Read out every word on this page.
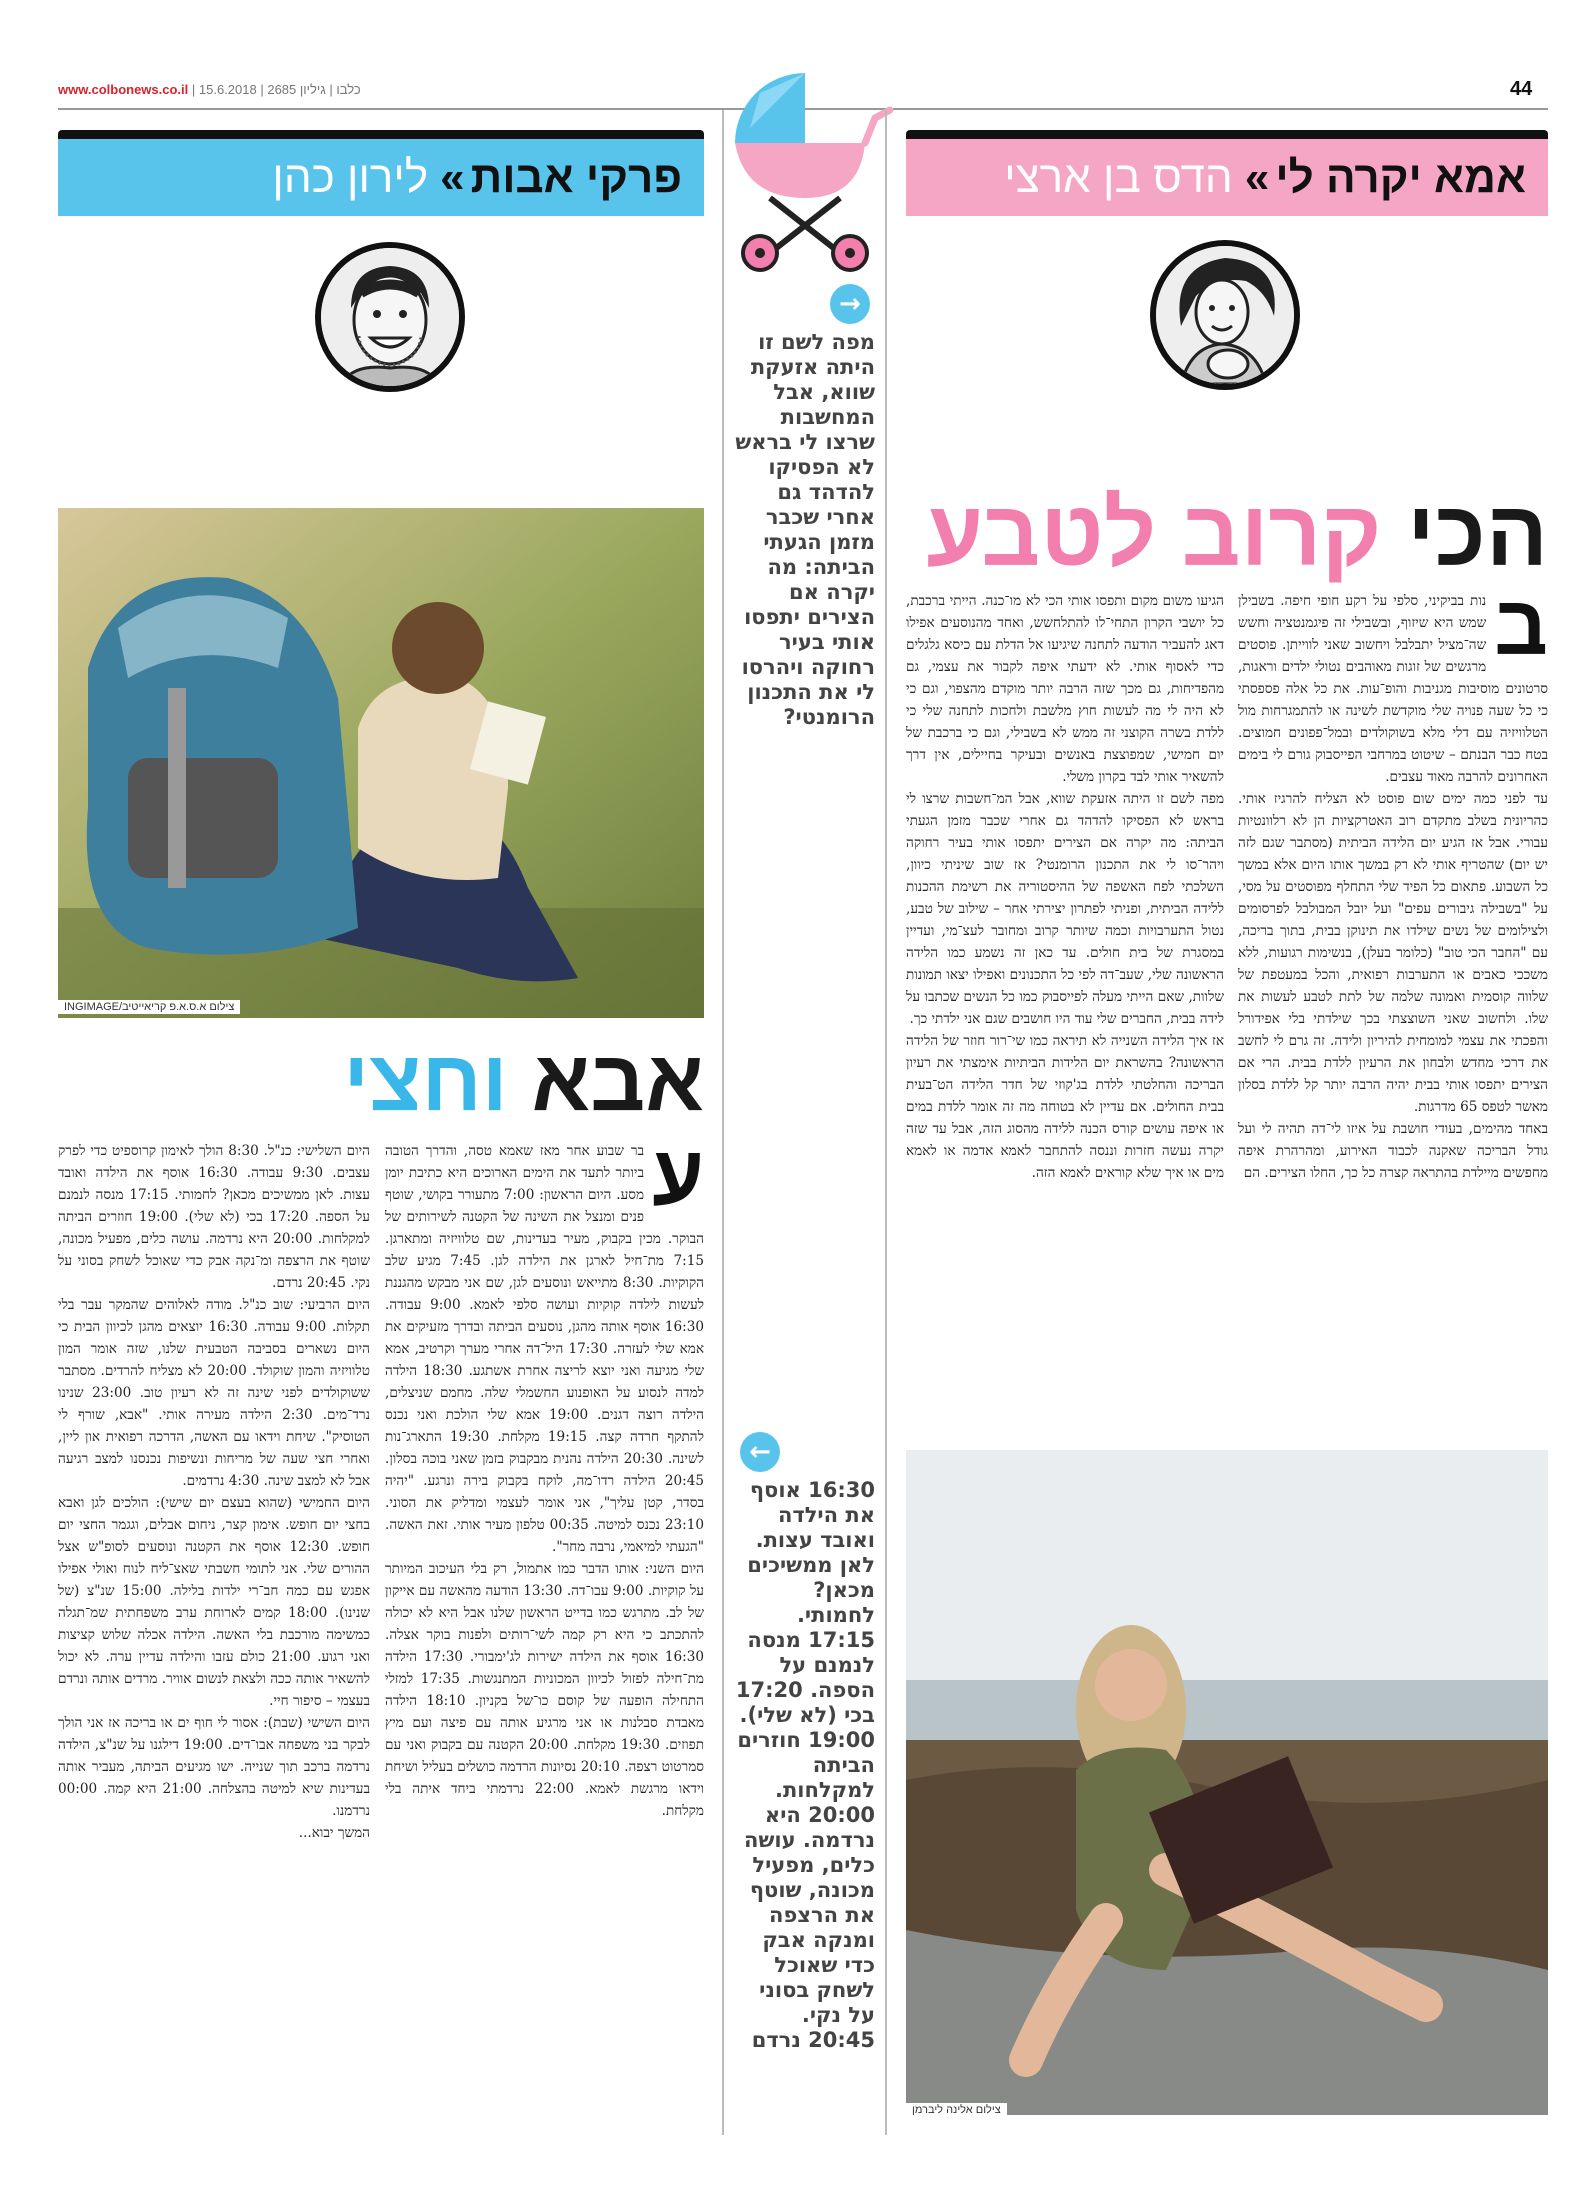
www.colbonews.co.il | כלבו | גיליון 2685 | 15.6.2018	44
פרקי אבות
»
לירון כהן	אמא יקרה לי
»
הדס בן ארצי
צילום א.ס.א.פ קריאייטיב/INGIMAGE
אבא וחצי
ע
בר שבוע אחר מאז שאמא טסה, והדרך הטובה ביותר לתעד את הימים הארוכים היא כתיבת יומן מסע. היום הראשון: 7:00 מתעורר בקושי, שוטף פנים ומנצל את השינה של הקטנה לשירותים של הבוקר. מכין בקבוק, מעיר בעדינות, שם טלוויזיה ומתארגן. 7:15 מת־חיל לארגן את הילדה לגן. 7:45 מגיע שלב הקוקיות. 8:30 מתייאש ונוסעים לגן, שם אני מבקש מהגננת לעשות לילדה קוקיות ועושה סלפי לאמא. 9:00 עבודה. 16:30 אוסף אותה מהגן, נוסעים הביתה ובדרך מזעיקים את אמא שלי לעזרה. 17:30 היל־דה אחרי מערך וקרטיב, אמא שלי מגיעה ואני יוצא לריצה אחרת אשתגע. 18:30 הילדה למדה לנסוע על האופנוע החשמלי שלה. מחמם שניצלים, הילדה רוצה דגנים. 19:00 אמא שלי הולכת ואני נכנס להתקף חרדה קצה. 19:15 מקלחת. 19:30 התארג־נות לשינה. 20:30 הילדה נהנית מבקבוק בזמן שאני בוכה בסלון. 20:45 הילדה רדו־מה, לוקח בקבוק בירה ונרגע. "יהיה בסדר, קטן עליך", אני אומר לעצמי ומדליק את הסוני. 23:10 נכנס למיטה. 00:35 טלפון מעיר אותי. זאת האשה. "הגעתי למיאמי, נרבה מחר".
היום השני: אותו הדבר כמו אתמול, רק בלי העיכוב המיותר על קוקיות. 9:00 עבו־דה. 13:30 הודעה מהאשה עם אייקון של לב. מתרגש כמו בדייט הראשון שלנו אבל היא לא יכולה להתכתב כי היא רק קמה לשי־רותים ולפנות בוקר אצלה. 16:30 אוסף את הילדה ישירות לג'ימבורי. 17:30 הילדה מת־חילה לפזול לכיוון המכוניות המתנגשות. 17:35 למזלי התחילה הופעה של קוסם כו־של בקניון. 18:10 הילדה מאבדת סבלנות או אני מרגיע אותה עם פיצה ועם מיץ תפוזים. 19:30 מקלחת. 20:00 הקטנה עם בקבוק ואני עם סמרטוט רצפה. 20:10 נסיונות הרדמה כושלים בעליל ושיחת וידאו מרגשת לאמא. 22:00 נרדמתי ביחד איתה בלי מקלחת.
היום השלישי: כנ"ל. 8:30 הולך לאימון קרוספיט כדי לפרק עצבים. 9:30 עבודה. 16:30 אוסף את הילדה ואובד עצות. לאן ממשיכים מכאן? לחמותי. 17:15 מנסה לנמנם על הספה. 17:20 בכי (לא שלי). 19:00 חוזרים הביתה למקלחות. 20:00 היא נרדמה. עושה כלים, מפעיל מכונה, שוטף את הרצפה ומ־נקה אבק כדי שאוכל לשחק בסוני על נקי. 20:45 נרדם.
היום הרביעי: שוב כנ"ל. מודה לאלוהים שהמקר עבר בלי תקלות. 9:00 עבודה. 16:30 יוצאים מהגן לכיוון הבית כי היום נשארים בסביבה הטבעית שלנו, שזה אומר המון טלוויזיה והמון שוקולד. 20:00 לא מצליח להרדים. מסתבר ששוקולדים לפני שינה זה לא רעיון טוב. 23:00 שנינו נרד־מים. 2:30 הילדה מעירה אותי. "אבא, שורף לי הטוסיק". שיחת וידאו עם האשה, הדרכה רפואית און ליין, ואחרי חצי שעה של מריחות ונשיפות נכנסנו למצב רגיעה אבל לא למצב שינה. 4:30 נרדמים.
היום החמישי (שהוא בעצם יום שישי): הולכים לגן ואבא בחצי יום חופש. אימון קצר, ניחום אבלים, וגגמר החצי יום חופש. 12:30 אוסף את הקטנה ונוסעים לסופ"ש אצל ההורים שלי. אני לתומי חשבתי שאצ־ליח לנוח ואולי אפילו אפגש עם כמה חב־רי ילדות בלילה. 15:00 שנ"צ (של שנינו). 18:00 קמים לארוחת ערב משפחתית שמ־תגלה כמשימה מורכבת בלי האשה. הילדה אכלה שלוש קציצות ואני רגוע. 21:00 כולם עזבו והילדה עדיין ערה. לא יכול להשאיר אותה ככה ולצאת לנשום אוויר. מרדים אותה ונרדם בעצמי – סיפור חיי.
היום השישי (שבת): אסור לי חוף ים או בריכה אז אני הולך לבקר בני משפחה אבו־דים. 19:00 דילגנו על שנ"צ, הילדה נרדמה ברכב תוך שנייה. ישו מגיעים הביתה, מעביר אותה בעדינות שיא למיטה בהצלחה. 21:00 היא קמה. 00:00 נרדמנו.
המשך יבוא...
→
מפה לשם זו היתה אזעקת שווא, אבל המחשבות שרצו לי בראש לא הפסיקו להדהד גם אחרי שכבר מזמן הגעתי הביתה: מה יקרה אם הצירים יתפסו אותי בעיר רחוקה ויהרסו לי את התכנון הרומנטי?
←
16:30 אוסף את הילדה ואובד עצות. לאן ממשיכים מכאן? לחמותי. 17:15 מנסה לנמנם על הספה. 17:20 בכי (לא שלי). 19:00 חוזרים הביתה למקלחות. 20:00 היא נרדמה. עושה כלים, מפעיל מכונה, שוטף את הרצפה ומנקה אבק כדי שאוכל לשחק בסוני על נקי. 20:45 נרדם
הכי קרוב לטבע
ב
נות בביקיני, סלפי על רקע חופי חיפה. בשבילן שמש היא שיזוף, ובשבילי זה פיגמנטציה וחשש שה־מציל יתבלבל ויחשוב שאני לווייתן. פוסטים מרגשים של זוגות מאוהבים נטולי ילדים וראגות, סרטונים מוסיבות מגניבות והופ־עות. את כל אלה פספסתי כי כל שעה פנויה שלי מוקדשת לשינה או להתמגרחות מול הטלוויזיה עם דלי מלא בשוקולדים ובמל־פפונים חמוצים. בטח כבר הבנתם – שיטוט במרחבי הפייסבוק גורם לי בימים האחרונים להרבה מאוד עצבים.
עד לפני כמה ימים שום פוסט לא הצליח להרגיז אותי. כהריונית בשלב מתקדם רוב האטרקציות הן לא רלוונטיות עבורי. אבל אז הגיע יום הלידה הביתית (מסתבר שגם לזה יש יום) שהטריף אותי לא רק במשך אותו היום אלא במשך כל השבוע. פתאום כל הפיד שלי התחלף מפוסטים על מסי, על "בשבילה גיבורים עפים" ועל יובל המבולבל לפרסומים ולצילומים של נשים שילדו את תינוקן בבית, בתוך בריכה, עם "החבר הכי טוב" (כלומר בעלן), בנשימות רגועות, ללא משככי כאבים או התערבות רפואית, והכל במעטפת של שלווה קוסמית ואמונה שלמה של לתת לטבע לעשות את שלו. ולחשוב שאני השוצצתי בכך שילדתי בלי אפידורל והפכתי את עצמי למומחית להיריון ולידה. זה גרם לי לחשב את דרכי מחדש ולבחון את הרעיון ללדת בבית. הרי אם הצירים יתפסו אותי בבית יהיה הרבה יותר קל ללדת בסלון מאשר לטפס 65 מדרגות.
באחד מהימים, בעודי חושבת על איזו לי־דה תהיה לי ועל גודל הבריכה שאקנה לכבוד האירוע, ומהרהרת איפה מחפשים מיילדת בהתראה קצרה כל כך, החלו הצירים. הם
הגיעו משום מקום ותפסו אותי הכי לא מו־כנה. הייתי ברכבת, כל יושבי הקרון התחי־לו להתלחשש, ואחד מהנוסעים אפילו דאג להעביר הודעה לתחנה שיגיעו אל הדלת עם כיסא גלגלים כדי לאסוף אותי. לא ידעתי איפה לקבור את עצמי, גם מהפדיחות, גם מכך שזה הרבה יותר מוקדם מהצפוי, וגם כי לא היה לי מה לעשות חוץ מלשבת ולחכות לתחנה שלי כי ללדת בשרה הקוצני זה ממש לא בשבילי, וגם כי ברכבת של יום חמישי, שמפוצצת באנשים ובעיקר בחיילים, אין דרך להשאיר אותי לבד בקרון משלי.
מפה לשם זו היתה אזעקת שווא, אבל המ־חשבות שרצו לי בראש לא הפסיקו להדהד גם אחרי שכבר מזמן הגעתי הביתה: מה יקרה אם הצירים יתפסו אותי בעיר רחוקה ויהר־סו לי את התכנון הרומנטי? אז שוב שיניתי כיוון, השלכתי לפח האשפה של ההיסטוריה את רשימת ההכנות ללידה הביתית, ופניתי לפתרון יצירתי אחר – שילוב של טבע, נטול התערבויות וכמה שיותר קרוב ומחובר לעצ־מי, ועדיין במסגרת של בית חולים. עד כאן זה נשמע כמו הלידה הראשונה שלי, שעב־דה לפי כל התכנונים ואפילו יצאו תמונות שלוות, שאם הייתי מעלה לפייסבוק כמו כל הנשים שכתבו על לידה בבית, החברים שלי עוד היו חושבים שגם אני ילדתי כך.
אז איך הלידה השנייה לא תיראה כמו שי־רור חוזר של הלידה הראשונה? בהשראת יום הלידות הביתיות אימצתי את רעיון הבריכה והחלטתי ללדת בג'קוזי של חדר הלידה הט־בעית בבית החולים. אם עדיין לא בטוחה מה זה אומר ללדת במים או איפה עושים קורס הכנה ללידה מהסוג הזה, אבל עד שזה יקרה נעשה חזרות וננסה להתחבר לאמא אדמה או לאמא מים או איך שלא קוראים לאמא הזה.
צילום אלינה ליברמן
